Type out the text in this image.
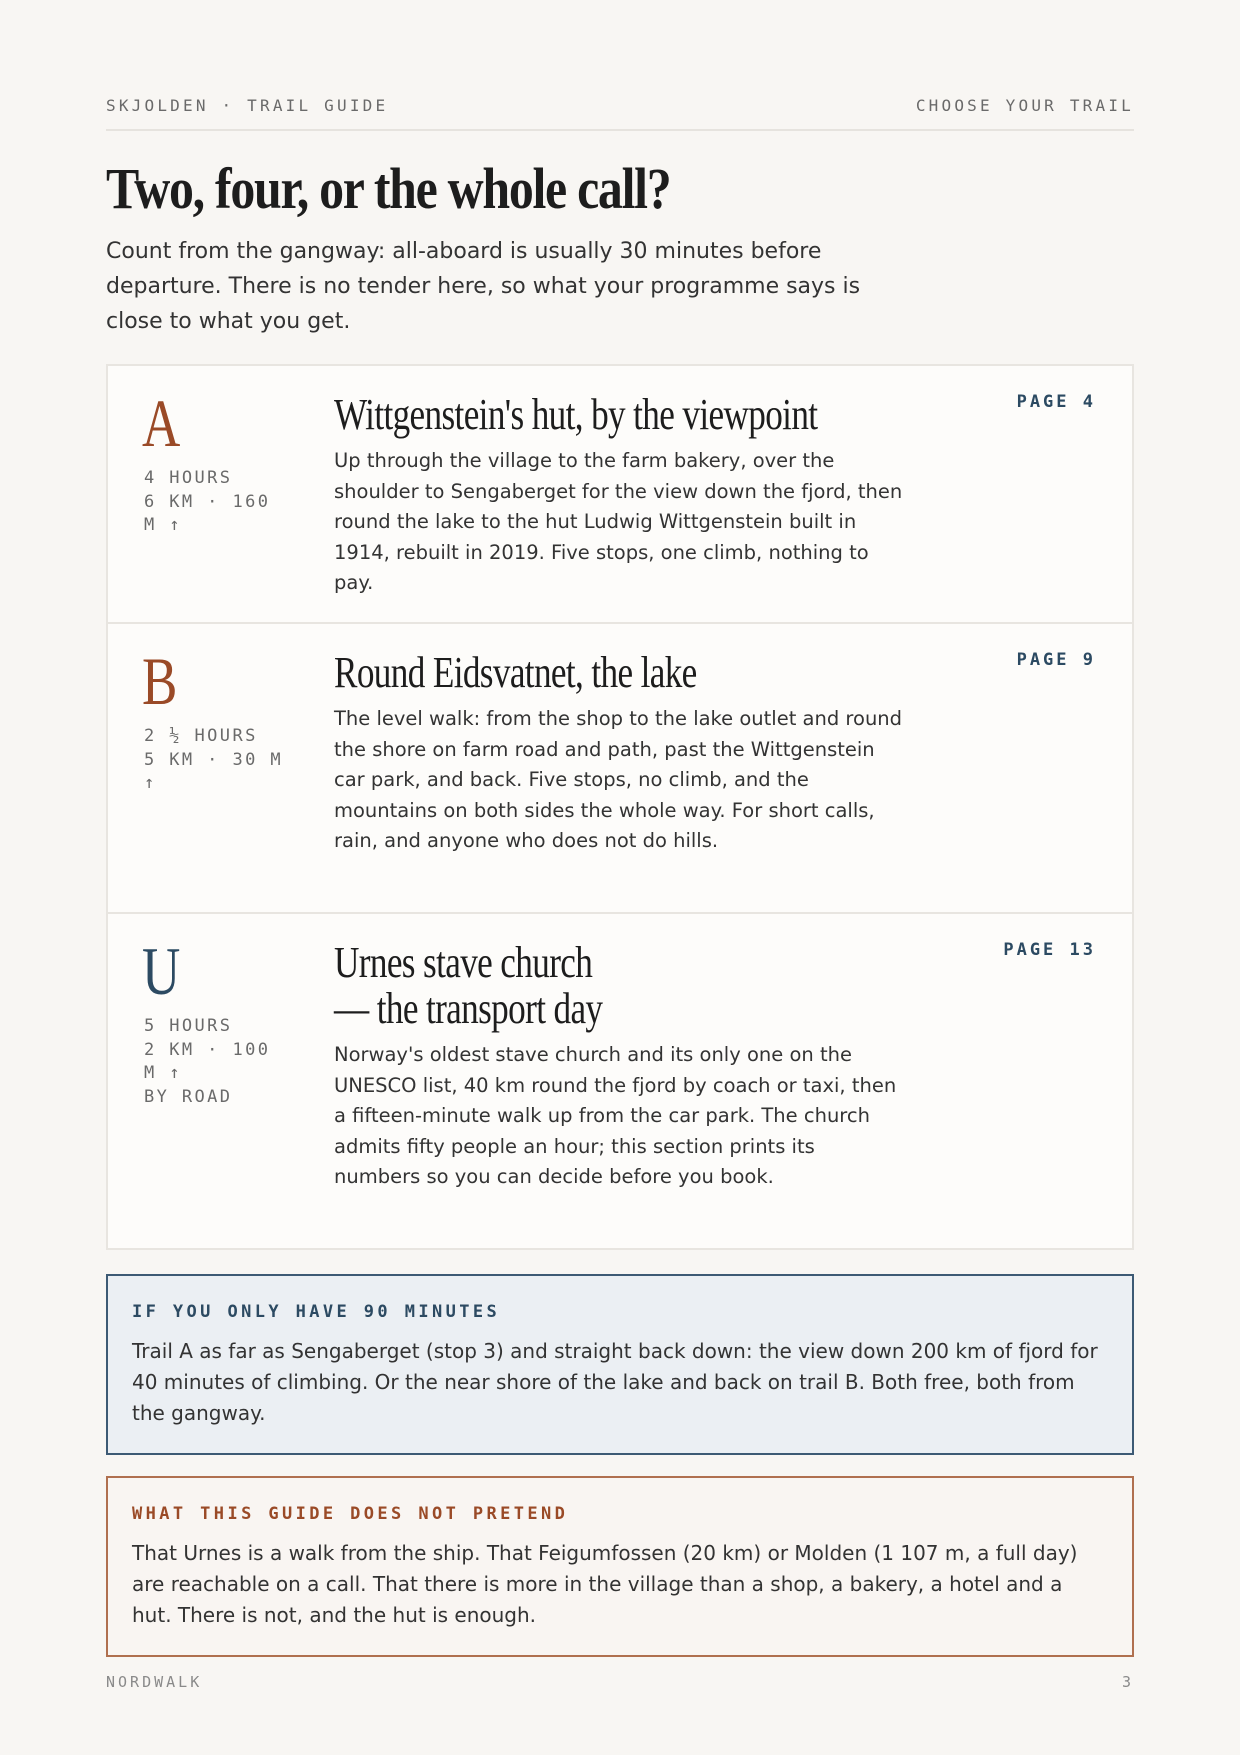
SKJOLDEN · TRAIL GUIDE	CHOOSE YOUR TRAIL
Two, four, or the whole call?

Count from the gangway: all-aboard is usually 30 minutes before departure. There is no tender here, so what your programme says is close to what you get.

A
4 HOURS
6 KM · 160
M ↑
Wittgenstein's hut, by the viewpoint

Up through the village to the farm bakery, over the shoulder to Sengaberget for the view down the fjord, then round the lake to the hut Ludwig Wittgenstein built in 1914, rebuilt in 2019. Five stops, one climb, nothing to pay.

PAGE 4
B
2 ½ HOURS
5 KM · 30 M
↑
Round Eidsvatnet, the lake

The level walk: from the shop to the lake outlet and round the shore on farm road and path, past the Wittgenstein car park, and back. Five stops, no climb, and the mountains on both sides the whole way. For short calls, rain, and anyone who does not do hills.

PAGE 9
U
5 HOURS
2 KM · 100
M ↑
BY ROAD
Urnes stave church
— the transport day

Norway's oldest stave church and its only one on the UNESCO list, 40 km round the fjord by coach or taxi, then a fifteen-minute walk up from the car park. The church admits fifty people an hour; this section prints its numbers so you can decide before you book.

PAGE 13
IF YOU ONLY HAVE 90 MINUTES

Trail A as far as Sengaberget (stop 3) and straight back down: the view down 200 km of fjord for 40 minutes of climbing. Or the near shore of the lake and back on trail B. Both free, both from the gangway.

WHAT THIS GUIDE DOES NOT PRETEND

That Urnes is a walk from the ship. That Feigumfossen (20 km) or Molden (1 107 m, a full day) are reachable on a call. That there is more in the village than a shop, a bakery, a hotel and a hut. There is not, and the hut is enough.

NORDWALK	3
